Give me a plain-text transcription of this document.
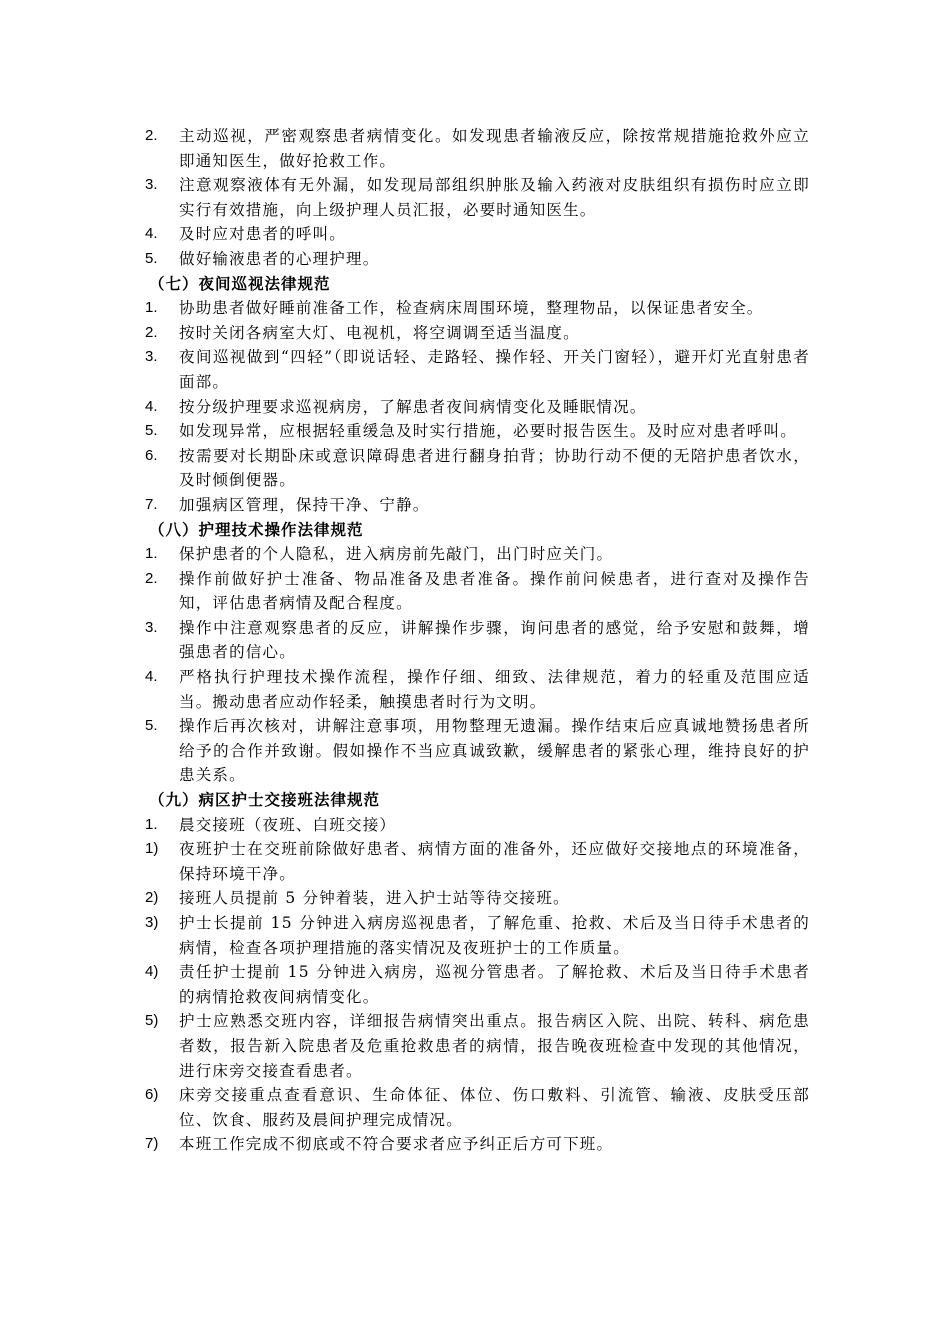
2. 主动巡视，严密观察患者病情变化。如发现患者输液反应，除按常规措施抢救外应立即通知医生，做好抢救工作。
3. 注意观察液体有无外漏，如发现局部组织肿胀及输入药液对皮肤组织有损伤时应立即实行有效措施，向上级护理人员汇报，必要时通知医生。
4. 及时应对患者的呼叫。
5. 做好输液患者的心理护理。
（七）夜间巡视法律规范
1. 协助患者做好睡前准备工作，检查病床周围环境，整理物品，以保证患者安全。
2. 按时关闭各病室大灯、电视机，将空调调至适当温度。
3. 夜间巡视做到“四轻”（即说话轻、走路轻、操作轻、开关门窗轻），避开灯光直射患者面部。
4. 按分级护理要求巡视病房，了解患者夜间病情变化及睡眠情况。
5. 如发现异常，应根据轻重缓急及时实行措施，必要时报告医生。及时应对患者呼叫。
6. 按需要对长期卧床或意识障碍患者进行翻身拍背；协助行动不便的无陪护患者饮水，及时倾倒便器。
7. 加强病区管理，保持干净、宁静。
（八）护理技术操作法律规范
1. 保护患者的个人隐私，进入病房前先敲门，出门时应关门。
2. 操作前做好护士准备、物品准备及患者准备。操作前问候患者，进行查对及操作告知，评估患者病情及配合程度。
3. 操作中注意观察患者的反应，讲解操作步骤，询问患者的感觉，给予安慰和鼓舞，增强患者的信心。
4. 严格执行护理技术操作流程，操作仔细、细致、法律规范，着力的轻重及范围应适当。搬动患者应动作轻柔，触摸患者时行为文明。
5. 操作后再次核对，讲解注意事项，用物整理无遗漏。操作结束后应真诚地赞扬患者所给予的合作并致谢。假如操作不当应真诚致歉，缓解患者的紧张心理，维持良好的护患关系。
（九）病区护士交接班法律规范
1. 晨交接班（夜班、白班交接）
1) 夜班护士在交班前除做好患者、病情方面的准备外，还应做好交接地点的环境准备，保持环境干净。
2) 接班人员提前 5 分钟着装，进入护士站等待交接班。
3) 护士长提前 15 分钟进入病房巡视患者，了解危重、抢救、术后及当日待手术患者的病情，检查各项护理措施的落实情况及夜班护士的工作质量。
4) 责任护士提前 15 分钟进入病房，巡视分管患者。了解抢救、术后及当日待手术患者的病情抢救夜间病情变化。
5) 护士应熟悉交班内容，详细报告病情突出重点。报告病区入院、出院、转科、病危患者数，报告新入院患者及危重抢救患者的病情，报告晚夜班检查中发现的其他情况，进行床旁交接查看患者。
6) 床旁交接重点查看意识、生命体征、体位、伤口敷料、引流管、输液、皮肤受压部位、饮食、服药及晨间护理完成情况。
7) 本班工作完成不彻底或不符合要求者应予纠正后方可下班。
